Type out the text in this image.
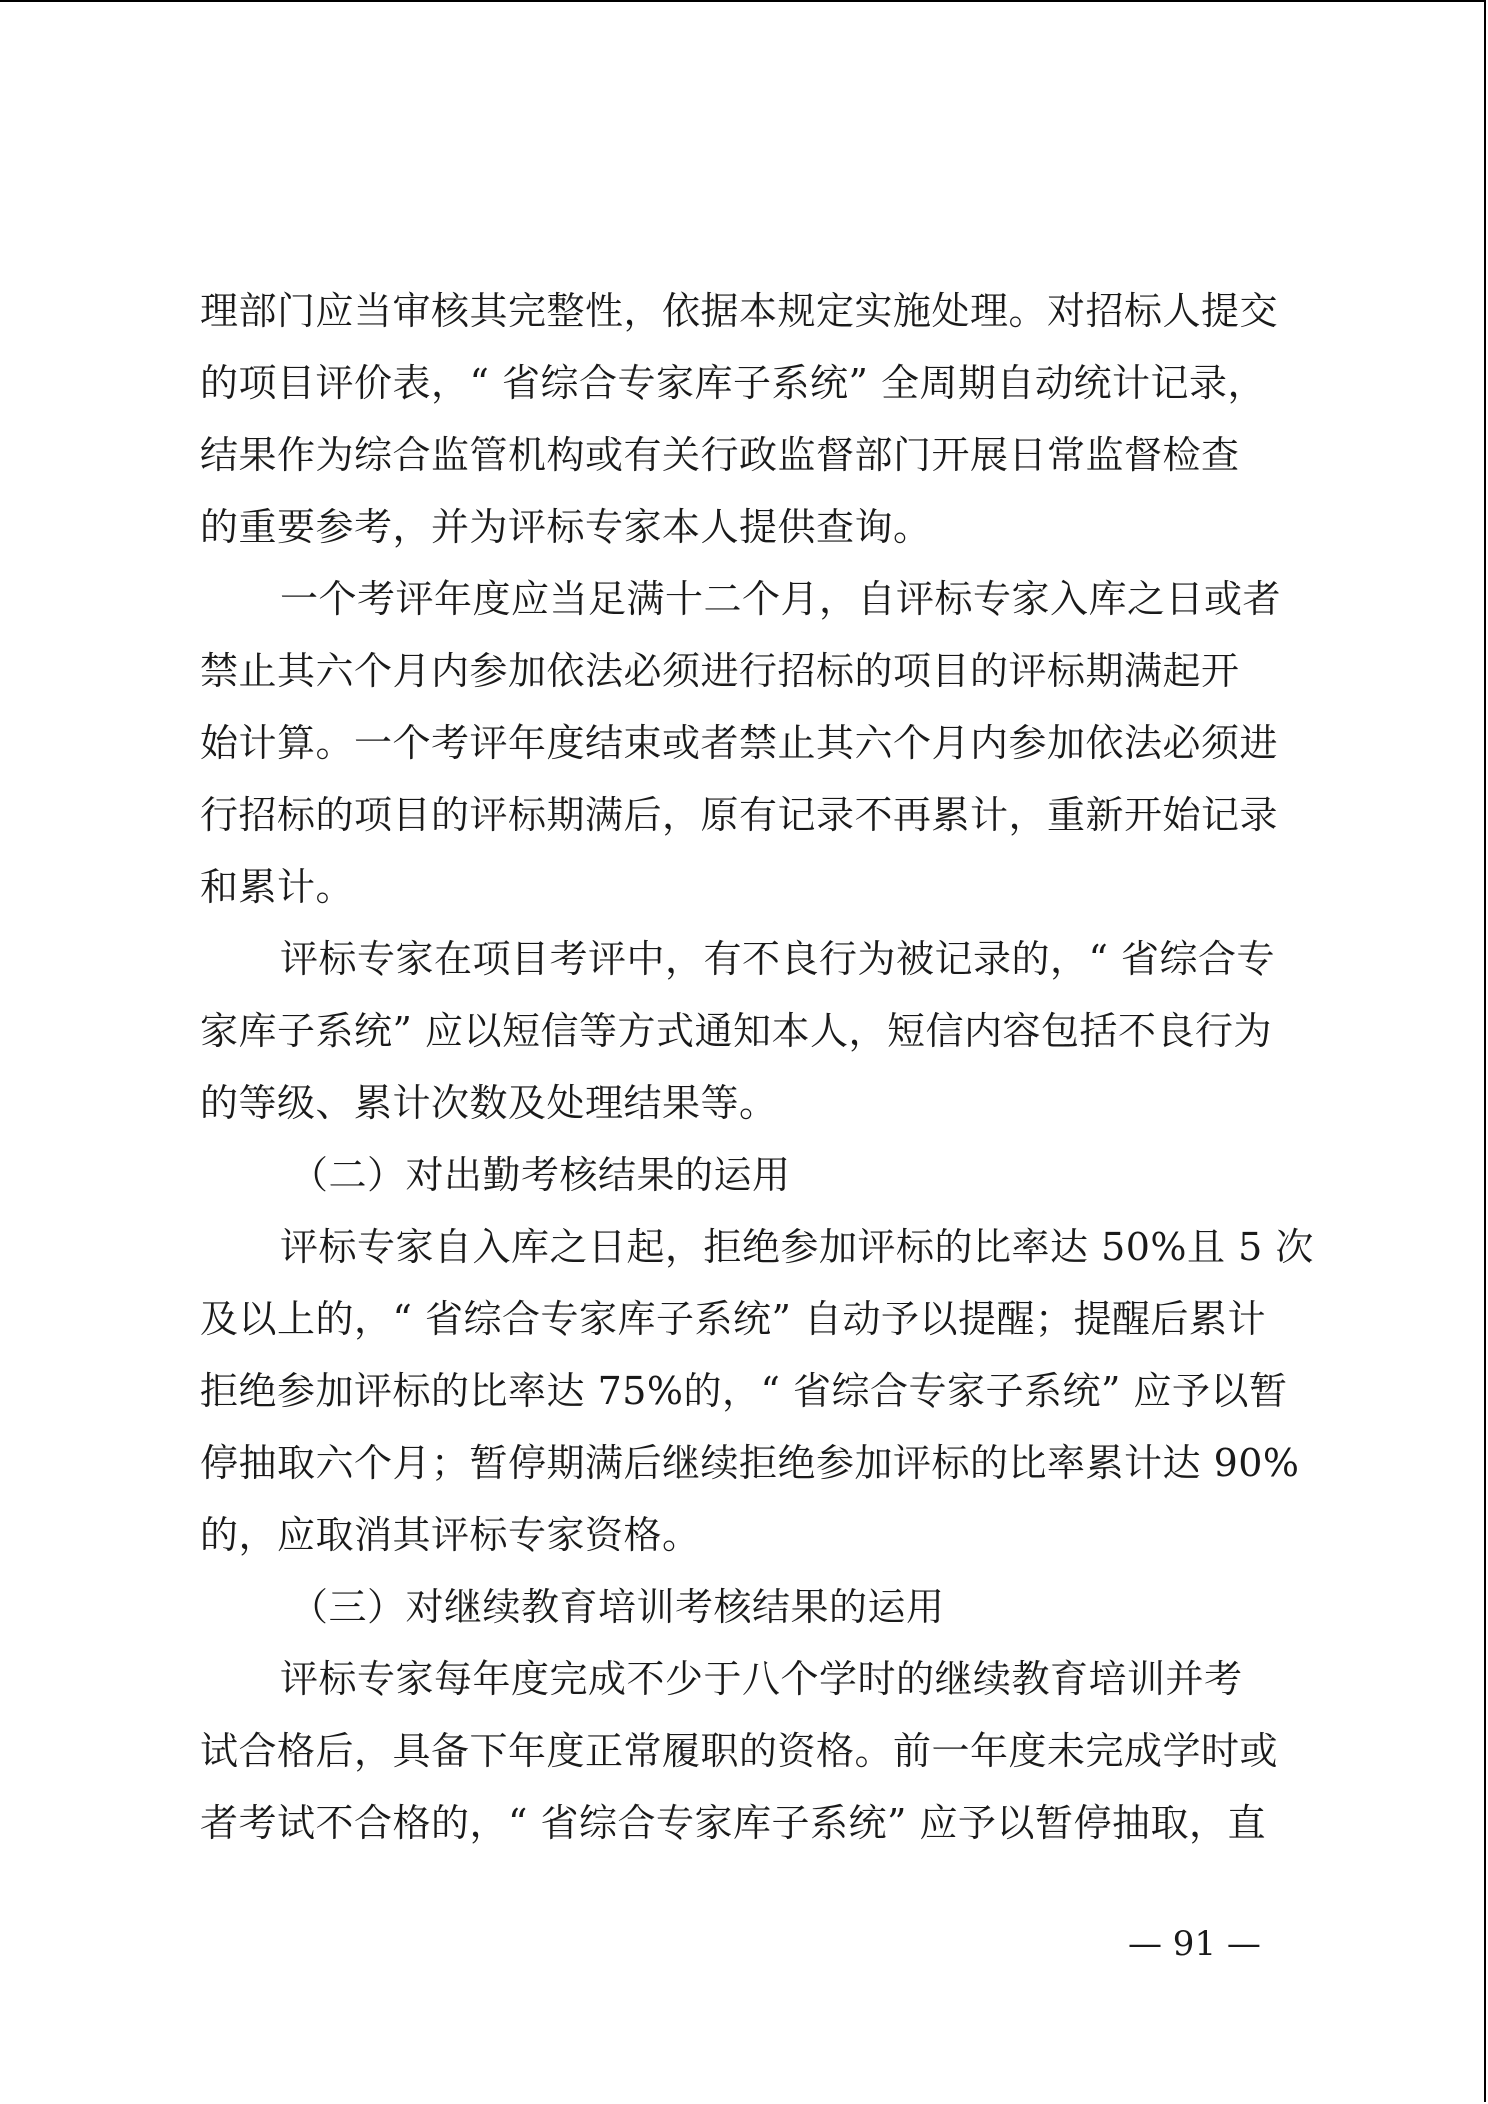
理部门应当审核其完整性，依据本规定实施处理。对招标人提交
的项目评价表，“ 省综合专家库子系统” 全周期自动统计记录，
结果作为综合监管机构或有关行政监督部门开展日常监督检查
的重要参考，并为评标专家本人提供查询。
一个考评年度应当足满十二个月，自评标专家入库之日或者
禁止其六个月内参加依法必须进行招标的项目的评标期满起开
始计算。一个考评年度结束或者禁止其六个月内参加依法必须进
行招标的项目的评标期满后，原有记录不再累计，重新开始记录
和累计。
评标专家在项目考评中，有不良行为被记录的，“ 省综合专
家库子系统” 应以短信等方式通知本人，短信内容包括不良行为
的等级、累计次数及处理结果等。
（二）对出勤考核结果的运用
评标专家自入库之日起，拒绝参加评标的比率达 50%且 5 次
及以上的，“ 省综合专家库子系统” 自动予以提醒；提醒后累计
拒绝参加评标的比率达 75%的，“ 省综合专家子系统” 应予以暂
停抽取六个月；暂停期满后继续拒绝参加评标的比率累计达 90%
的，应取消其评标专家资格。
（三）对继续教育培训考核结果的运用
评标专家每年度完成不少于八个学时的继续教育培训并考
试合格后，具备下年度正常履职的资格。前一年度未完成学时或
者考试不合格的，“ 省综合专家库子系统” 应予以暂停抽取，直
— 91 —
